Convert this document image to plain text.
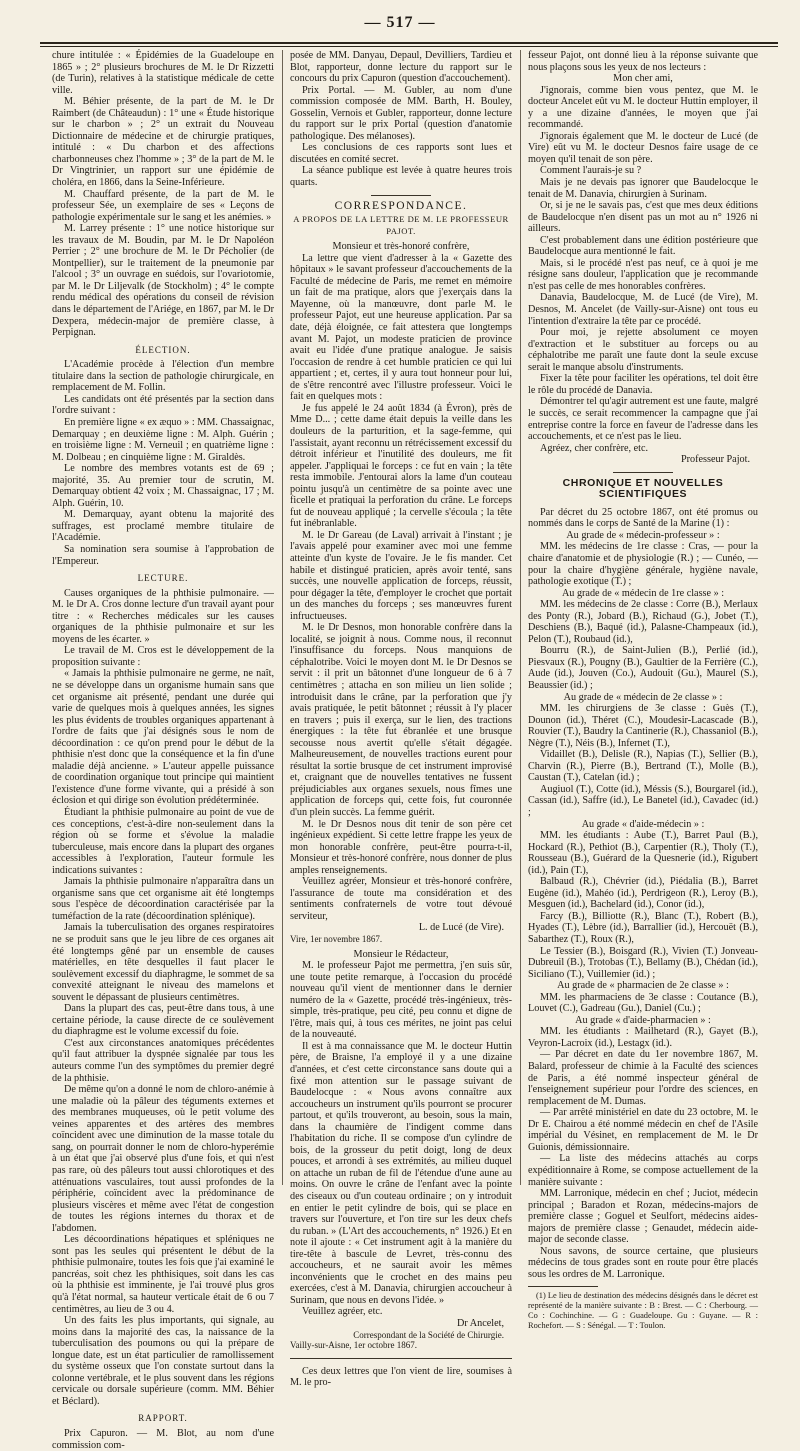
— 517 —

chure intitulée : « Épidémies de la Guadeloupe en 1865 » ; 2° plusieurs brochures de M. le Dr Rizzetti (de Turin), relatives à la statistique médicale de cette ville.

M. Béhier présente, de la part de M. le Dr Raimbert (de Châteaudun) : 1° une « Étude historique sur le charbon » ; 2° un extrait du Nouveau Dictionnaire de médecine et de chirurgie pratiques, intitulé : « Du charbon et des affections charbonneuses chez l'homme » ; 3° de la part de M. le Dr Vingtrinier, un rapport sur une épidémie de choléra, en 1866, dans la Seine-Inférieure.

M. Chauffard présente, de la part de M. le professeur Sée, un exemplaire de ses « Leçons de pathologie expérimentale sur le sang et les anémies. »

M. Larrey présente : 1° une notice historique sur les travaux de M. Boudin, par M. le Dr Napoléon Perrier ; 2° une brochure de M. le Dr Pécholier (de Montpellier), sur le traitement de la pneumonie par l'alcool ; 3° un ouvrage en suédois, sur l'ovariotomie, par M. le Dr Liljevalk (de Stockholm) ; 4° le compte rendu médical des opérations du conseil de révision dans le département de l'Ariége, en 1867, par M. le Dr Dexpera, médecin-major de première classe, à Perpignan.

ÉLECTION.

L'Académie procède à l'élection d'un membre titulaire dans la section de pathologie chirurgicale, en remplacement de M. Follin.

Les candidats ont été présentés par la section dans l'ordre suivant :

En première ligne « ex æquo » : MM. Chassaignac, Demarquay ; en deuxième ligne : M. Alph. Guérin ; en troisième ligne : M. Verneuil ; en quatrième ligne : M. Dolbeau ; en cinquième ligne : M. Giraldès.

Le nombre des membres votants est de 69 ; majorité, 35. Au premier tour de scrutin, M. Demarquay obtient 42 voix ; M. Chassaignac, 17 ; M. Alph. Guérin, 10.

M. Demarquay, ayant obtenu la majorité des suffrages, est proclamé membre titulaire de l'Académie.

Sa nomination sera soumise à l'approbation de l'Empereur.

LECTURE.

Causes organiques de la phthisie pulmonaire. — M. le Dr A. Cros donne lecture d'un travail ayant pour titre : « Recherches médicales sur les causes organiques de la phthisie pulmonaire et sur les moyens de les écarter. »

Le travail de M. Cros est le développement de la proposition suivante :

« Jamais la phthisie pulmonaire ne germe, ne naît, ne se développe dans un organisme humain sans que cet organisme ait présenté, pendant une durée qui varie de quelques mois à quelques années, les signes les plus évidents de troubles organiques appartenant à l'ordre de faits que j'ai désignés sous le nom de décoordination : ce qu'on prend pour le début de la phthisie n'est donc que la conséquence et la fin d'une maladie déjà ancienne. » L'auteur appelle puissance de coordination organique tout principe qui maintient l'existence d'une forme vivante, qui a présidé à son éclosion et qui dirige son évolution prédéterminée.

Étudiant la phthisie pulmonaire au point de vue de ces conceptions, c'est-à-dire non-seulement dans la région où se forme et s'évolue la maladie tuberculeuse, mais encore dans la plupart des organes accessibles à l'exploration, l'auteur formule les indications suivantes :

Jamais la phthisie pulmonaire n'apparaîtra dans un organisme sans que cet organisme ait été longtemps sous l'espèce de décoordination caractérisée par la tuméfaction de la rate (décoordination splénique).

Jamais la tuberculisation des organes respiratoires ne se produit sans que le jeu libre de ces organes ait été longtemps gêné par un ensemble de causes matérielles, en tête desquelles il faut placer le soulèvement excessif du diaphragme, le sommet de sa convexité atteignant le niveau des mamelons et souvent le dépassant de plusieurs centimètres.

Dans la plupart des cas, peut-être dans tous, à une certaine période, la cause directe de ce soulèvement du diaphragme est le volume excessif du foie.

C'est aux circonstances anatomiques précédentes qu'il faut attribuer la dyspnée signalée par tous les auteurs comme l'un des symptômes du premier degré de la phthisie.

De même qu'on a donné le nom de chloro-anémie à une maladie où la pâleur des téguments externes et des membranes muqueuses, où le petit volume des veines apparentes et des artères des membres coïncident avec une diminution de la masse totale du sang, on pourrait donner le nom de chloro-hyperémie à un état que j'ai observé plus d'une fois, et qui n'est pas rare, où des pâleurs tout aussi chlorotiques et des atténuations vasculaires, tout aussi profondes de la périphérie, coïncident avec la prédominance de plusieurs viscères et même avec l'état de congestion de toutes les régions internes du thorax et de l'abdomen.

Les décoordinations hépatiques et spléniques ne sont pas les seules qui présentent le début de la phthisie pulmonaire, toutes les fois que j'ai examiné le pancréas, soit chez les phthisiques, soit dans les cas où la phthisie est imminente, je l'ai trouvé plus gros qu'à l'état normal, sa hauteur verticale était de 6 ou 7 centimètres, au lieu de 3 ou 4.

Un des faits les plus importants, qui signale, au moins dans la majorité des cas, la naissance de la tuberculisation des poumons ou qui la prépare de longue date, est un état particulier de ramollissement du système osseux que l'on constate surtout dans la colonne vertébrale, et le plus souvent dans les régions cervicale ou dorsale supérieure (comm. MM. Béhier et Béclard).

RAPPORT.

Prix Capuron. — M. Blot, au nom d'une commission com-

posée de MM. Danyau, Depaul, Devilliers, Tardieu et Blot, rapporteur, donne lecture du rapport sur le concours du prix Capuron (question d'accouchement).

Prix Portal. — M. Gubler, au nom d'une commission composée de MM. Barth, H. Bouley, Gosselin, Vernois et Gubler, rapporteur, donne lecture du rapport sur le prix Portal (question d'anatomie pathologique. Des mélanoses).

Les conclusions de ces rapports sont lues et discutées en comité secret.

La séance publique est levée à quatre heures trois quarts.

CORRESPONDANCE.
A PROPOS DE LA LETTRE DE M. LE PROFESSEUR PAJOT.

Monsieur et très-honoré confrère,

La lettre que vient d'adresser à la « Gazette des hôpitaux » le savant professeur d'accouchements de la Faculté de médecine de Paris, me remet en mémoire un fait de ma pratique, alors que j'exerçais dans la Mayenne, où la manœuvre, dont parle M. le professeur Pajot, eut une heureuse application. Par sa date, déjà éloignée, ce fait attestera que longtemps avant M. Pajot, un modeste praticien de province avait eu l'idée d'une pratique analogue. Je saisis l'occasion de rendre à cet humble praticien ce qui lui appartient ; et, certes, il y aura tout honneur pour lui, de s'être rencontré avec l'illustre professeur. Voici le fait en quelques mots :

Je fus appelé le 24 août 1834 (à Évron), près de Mme D... ; cette dame était depuis la veille dans les douleurs de la parturition, et la sage-femme, qui l'assistait, ayant reconnu un rétrécissement excessif du détroit inférieur et l'inutilité des douleurs, me fit appeler. J'appliquai le forceps : ce fut en vain ; la tête resta immobile. J'entourai alors la lame d'un couteau pointu jusqu'à un centimètre de sa pointe avec une ficelle et pratiquai la perforation du crâne. Le forceps fut de nouveau appliqué ; la cervelle s'écoula ; la tête fut inébranlable.

M. le Dr Gareau (de Laval) arrivait à l'instant ; je l'avais appelé pour examiner avec moi une femme atteinte d'un kyste de l'ovaire. Je le fis mander. Cet habile et distingué praticien, après avoir tenté, sans succès, une nouvelle application de forceps, réussit, pour dégager la tête, d'employer le crochet que portait un des manches du forceps ; ses manœuvres furent infructueuses.

M. le Dr Desnos, mon honorable confrère dans la localité, se joignit à nous. Comme nous, il reconnut l'insuffisance du forceps. Nous manquions de céphalotribe. Voici le moyen dont M. le Dr Desnos se servit : il prit un bâtonnet d'une longueur de 6 à 7 centimètres ; attacha en son milieu un lien solide ; introduisit dans le crâne, par la perforation que j'y avais pratiquée, le petit bâtonnet ; réussit à l'y placer en travers ; puis il exerça, sur le lien, des tractions énergiques : la tête fut ébranlée et une brusque secousse nous avertit qu'elle s'était dégagée. Malheureusement, de nouvelles tractions eurent pour résultat la sortie brusque de cet instrument improvisé et, craignant que de nouvelles tentatives ne fussent préjudiciables aux organes sexuels, nous fîmes une application de forceps qui, cette fois, fut couronnée d'un plein succès. La femme guérit.

M. le Dr Desnos nous dit tenir de son père cet ingénieux expédient. Si cette lettre frappe les yeux de mon honorable confrère, peut-être pourra-t-il, Monsieur et très-honoré confrère, nous donner de plus amples renseignements.

Veuillez agréer, Monsieur et très-honoré confrère, l'assurance de toute ma considération et des sentiments confraternels de votre tout dévoué serviteur,

L. de Lucé (de Vire).

Vire, 1er novembre 1867.

Monsieur le Rédacteur,

M. le professeur Pajot me permettra, j'en suis sûr, une toute petite remarque, à l'occasion du procédé nouveau qu'il vient de mentionner dans le dernier numéro de la « Gazette, procédé très-ingénieux, très-simple, très-pratique, peu cité, peu connu et digne de l'être, mais qui, à tous ces mérites, ne joint pas celui de la nouveauté.

Il est à ma connaissance que M. le docteur Huttin père, de Braisne, l'a employé il y a une dizaine d'années, et c'est cette circonstance sans doute qui a fixé mon attention sur le passage suivant de Baudelocque : « Nous avons connaître aux accoucheurs un instrument qu'ils pourront se procurer partout, et qu'ils trouveront, au besoin, sous la main, dans la chaumière de l'indigent comme dans l'habitation du riche. Il se compose d'un cylindre de bois, de la grosseur du petit doigt, long de deux pouces, et arrondi à ses extrémités, au milieu duquel on attache un ruban de fil de l'étendue d'une aune au moins. On ouvre le crâne de l'enfant avec la pointe des ciseaux ou d'un couteau ordinaire ; on y introduit en entier le petit cylindre de bois, qui se place en travers sur l'ouverture, et l'on tire sur les deux chefs du ruban. » (L'Art des accouchements, n° 1926.) Et en note il ajoute : « Cet instrument agit à la manière du tire-tête à bascule de Levret, très-connu des accoucheurs, et ne saurait avoir les mêmes inconvénients que le crochet en des mains peu exercées, c'est à M. Danavia, chirurgien accoucheur à Surinam, que nous en devons l'idée. »

Veuillez agréer, etc.

Dr Ancelet,

Correspondant de la Société de Chirurgie.

Vailly-sur-Aisne, 1er octobre 1867.

Ces deux lettres que l'on vient de lire, soumises à M. le pro-

fesseur Pajot, ont donné lieu à la réponse suivante que nous plaçons sous les yeux de nos lecteurs :

Mon cher ami,

J'ignorais, comme bien vous pentez, que M. le docteur Ancelet eût vu M. le docteur Huttin employer, il y a une dizaine d'années, le moyen que j'ai recommandé.

J'ignorais également que M. le docteur de Lucé (de Vire) eût vu M. le docteur Desnos faire usage de ce moyen qu'il tenait de son père.

Comment l'aurais-je su ?

Mais je ne devais pas ignorer que Baudelocque le tenait de M. Danavia, chirurgien à Surinam.

Or, si je ne le savais pas, c'est que mes deux éditions de Baudelocque n'en disent pas un mot au n° 1926 ni ailleurs.

C'est probablement dans une édition postérieure que Baudelocque aura mentionné le fait.

Mais, si le procédé n'est pas neuf, ce à quoi je me résigne sans douleur, l'application que je recommande n'est pas celle de mes honorables confrères.

Danavia, Baudelocque, M. de Lucé (de Vire), M. Desnos, M. Ancelet (de Vailly-sur-Aisne) ont tous eu l'intention d'extraire la tête par ce procédé.

Pour moi, je rejette absolument ce moyen d'extraction et le substituer au forceps ou au céphalotribe me paraît une faute dont la seule excuse serait le manque absolu d'instruments.

Fixer la tête pour faciliter les opérations, tel doit être le rôle du procédé de Danavia.

Démontrer tel qu'agir autrement est une faute, malgré le succès, ce serait recommencer la campagne que j'ai entreprise contre la force en faveur de l'adresse dans les accouchements, et ce n'est pas le lieu.

Agréez, cher confrère, etc.

Professeur Pajot.

CHRONIQUE ET NOUVELLES SCIENTIFIQUES

Par décret du 25 octobre 1867, ont été promus ou nommés dans le corps de Santé de la Marine (1) :

Au grade de « médecin-professeur » :

MM. les médecins de 1re classe : Cras, — pour la chaire d'anatomie et de physiologie (R.) ; — Cunéo, — pour la chaire d'hygiène générale, hygiène navale, pathologie exotique (T.) ;

Au grade de « médecin de 1re classe » :

MM. les médecins de 2e classe : Corre (B.), Merlaux des Ponty (R.), Jobard (B.), Richaud (G.), Jobet (T.), Deschiens (B.), Baqué (id.), Palasne-Champeaux (id.), Pelon (T.), Roubaud (id.),

Bourru (R.), de Saint-Julien (B.), Perlié (id.), Piesvaux (R.), Pougny (B.), Gaultier de la Ferrière (C.), Aude (id.), Jouven (Co.), Audouit (Gu.), Maurel (S.), Beaussier (id.) ;

Au grade de « médecin de 2e classe » :

MM. les chirurgiens de 3e classe : Guès (T.), Dounon (id.), Théret (C.), Moudesir-Lacascade (B.), Rouvier (T.), Baudry la Cantinerie (R.), Chassaniol (B.), Nègre (T.), Néis (B.), Infernet (T.),

Vidaillet (B.), Delisle (R.), Napias (T.), Sellier (B.), Charvin (R.), Pierre (B.), Bertrand (T.), Molle (B.), Caustan (T.), Catelan (id.) ;

Augiuol (T.), Cotte (id.), Méssis (S.), Bourgarel (id.), Cassan (id.), Saffre (id.), Le Banetel (id.), Cavadec (id.) ;

Au grade « d'aide-médecin » :

MM. les étudiants : Aube (T.), Barret Paul (B.), Hockard (R.), Pethiot (B.), Carpentier (R.), Tholy (T.), Rousseau (B.), Guérard de la Quesnerie (id.), Rigubert (id.), Pain (T.),

Balbaud (R.), Chévrier (id.), Piédalia (B.), Barret Eugène (id.), Mahéo (id.), Perdrigeon (R.), Leroy (B.), Mesguen (id.), Bachelard (id.), Conor (id.),

Farcy (B.), Billiotte (R.), Blanc (T.), Robert (B.), Hyades (T.), Lèbre (id.), Barrallier (id.), Hercouët (B.), Sabarthez (T.), Roux (R.),

Le Tessier (B.), Boisgard (R.), Vivien (T.) Jonveau-Dubreuil (B.), Trotobas (T.), Bellamy (B.), Chédan (id.), Siciliano (T.), Vuillemier (id.) ;

Au grade de « pharmacien de 2e classe » :

MM. les pharmaciens de 3e classe : Coutance (B.), Louvet (C.), Gadreau (Gu.), Daniel (Cu.) ;

Au grade « d'aide-pharmacien » :

MM. les étudiants : Mailhetard (R.), Gayet (B.), Veyron-Lacroix (id.), Lestagx (id.).

— Par décret en date du 1er novembre 1867, M. Balard, professeur de chimie à la Faculté des sciences de Paris, a été nommé inspecteur général de l'enseignement supérieur pour l'ordre des sciences, en remplacement de M. Dumas.

— Par arrêté ministériel en date du 23 octobre, M. le Dr E. Chairou a été nommé médecin en chef de l'Asile impérial du Vésinet, en remplacement de M. le Dr Guionis, démissionnaire.

— La liste des médecins attachés au corps expéditionnaire à Rome, se compose actuellement de la manière suivante :

MM. Larronique, médecin en chef ; Juciot, médecin principal ; Baradon et Rozan, médecins-majors de première classe ; Goguel et Seulfort, médecins aides-majors de première classe ; Genaudet, médecin aide-major de seconde classe.

Nous savons, de source certaine, que plusieurs médecins de tous grades sont en route pour être placés sous les ordres de M. Larronique.

(1) Le lieu de destination des médecins désignés dans le décret est représenté de la manière suivante : B : Brest. — C : Cherbourg. — Co : Cochinchine. — G : Guadeloupe. Gu : Guyane. — R : Rochefort. — S : Sénégal. — T : Toulon.
